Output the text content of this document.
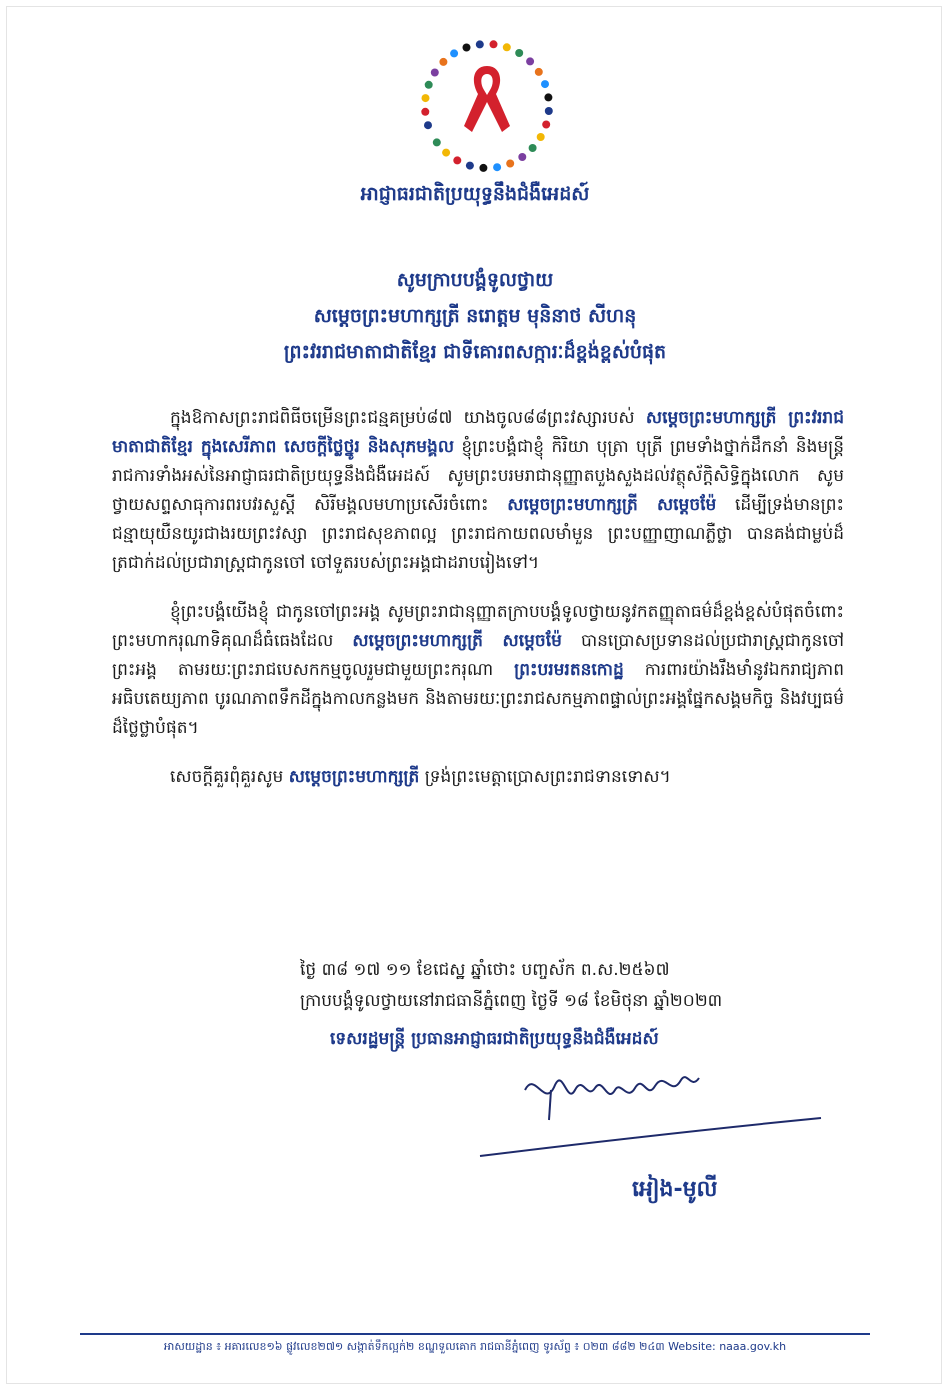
អាជ្ញាធរជាតិប្រយុទ្ធនឹងជំងឺអេដស៍
សូមក្រាបបង្គំទូលថ្វាយ
សម្តេចព្រះមហាក្សត្រី នរោត្តម មុនិនាថ សីហនុ
ព្រះវររាជមាតាជាតិខ្មែរ ជាទីគោរពសក្ការៈដ៏ខ្ពង់ខ្ពស់បំផុត

ក្នុងឱកាសព្រះរាជពិធីចម្រើនព្រះជន្មគម្រប់៨៧ យាងចូល៨៨ព្រះវស្សារបស់ សម្តេចព្រះមហាក្សត្រី ព្រះវររាជមាតាជាតិខ្មែរ ក្នុងសេរីភាព សេចក្តីថ្លៃថ្នូរ និងសុភមង្គល ខ្ញុំព្រះបង្គំជាខ្ញុំ កិរិយា បុត្រា បុត្រី ព្រមទាំងថ្នាក់ដឹកនាំ និងមន្ត្រីរាជការទាំងអស់នៃអាជ្ញាធរជាតិប្រយុទ្ធនឹងជំងឺអេដស៍ សូមព្រះបរមរាជានុញ្ញាតបួងសួងដល់វត្ថុស័ក្តិសិទ្ធិក្នុងលោក សូមថ្វាយសព្ទសាធុការពរបវរសួស្តី សិរីមង្គលមហាប្រសើរចំពោះ សម្តេចព្រះមហាក្សត្រី សម្តេចម៉ែ ដើម្បីទ្រង់មានព្រះជន្មាយុយឺនយូរជាងរយព្រះវស្សា ព្រះរាជសុខភាពល្អ ព្រះរាជកាយពលមាំមួន ព្រះបញ្ញាញាណភ្លឺថ្លា បានគង់ជាម្លប់ដ៏ត្រជាក់ដល់ប្រជារាស្ត្រជាកូនចៅ ចៅទួតរបស់ព្រះអង្គជាដរាបរៀងទៅ។

ខ្ញុំព្រះបង្គំយើងខ្ញុំ ជាកូនចៅព្រះអង្គ សូមព្រះរាជានុញ្ញាតក្រាបបង្គំទូលថ្វាយនូវកតញ្ញុតាធម៌ដ៏ខ្ពង់ខ្ពស់បំផុតចំពោះព្រះមហាករុណាទិគុណដ៏ធំធេងដែល សម្តេចព្រះមហាក្សត្រី សម្តេចម៉ែ បានប្រោសប្រទានដល់ប្រជារាស្ត្រជាកូនចៅព្រះអង្គ តាមរយៈព្រះរាជបេសកកម្មចូលរួមជាមួយព្រះករុណា ព្រះបរមរតនកោដ្ឋ ការពារយ៉ាងរឹងមាំនូវឯករាជ្យភាព អធិបតេយ្យភាព បូរណភាពទឹកដីក្នុងកាលកន្លងមក និងតាមរយៈព្រះរាជសកម្មភាពផ្ទាល់ព្រះអង្គផ្នែកសង្គមកិច្ច និងវប្បធម៌ដ៏ថ្លៃថ្លាបំផុត។

សេចក្តីគួរពុំគួរសូម សម្តេចព្រះមហាក្សត្រី ទ្រង់ព្រះមេត្តាប្រោសព្រះរាជទានទោស។

ថ្ងៃ ៣៨ ១៧ ១១ ខែជេស្ឋ ឆ្នាំថោះ បញ្ចស័ក ព.ស.២៥៦៧
ក្រាបបង្គំទូលថ្វាយនៅរាជធានីភ្នំពេញ ថ្ងៃទី ១៨ ខែមិថុនា ឆ្នាំ២០២៣
ទេសរដ្ឋមន្ត្រី ប្រធានអាជ្ញាធរជាតិប្រយុទ្ធនឹងជំងឺអេដស៍
អៀង-មូលី
អាសយដ្ឋាន ៖ អគារលេខ១៦ ផ្លូវលេខ២៧១ សង្កាត់ទឹកល្អក់២ ខណ្ឌទួលគោក រាជធានីភ្នំពេញ ទូរស័ព្ទ ៖ ០២៣ ៨៨២ ២៤៣ Website: naaa.gov.kh
